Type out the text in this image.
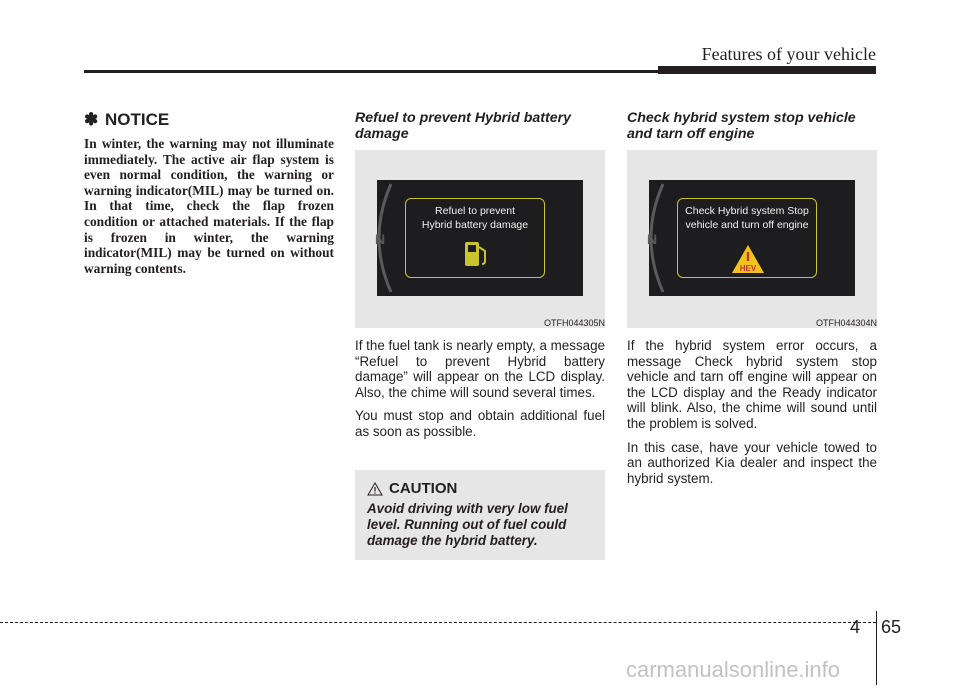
Features of your vehicle
✽ NOTICE
In winter, the warning may not illuminate immediately. The active air flap system is even normal condition, the warning or warning indicator(MIL) may be turned on. In that time, check the flap frozen condition or attached materials. If the flap is frozen in winter, the warning indicator(MIL) may be turned on without warning contents.
Refuel to prevent Hybrid battery damage
N
Refuel to prevent
Hybrid battery damage
OTFH044305N
If the fuel tank is nearly empty, a message “Refuel to prevent Hybrid battery damage” will appear on the LCD display. Also, the chime will sound several times.
You must stop and obtain additional fuel as soon as possible.
CAUTION
Avoid driving with very low fuel level. Running out of fuel could damage the hybrid battery.
Check hybrid system stop vehicle and tarn off engine
N
Check Hybrid system Stop
vehicle and turn off engine
HEV
OTFH044304N
If the hybrid system error occurs, a message Check hybrid system stop vehicle and tarn off engine will appear on the LCD display and the Ready indicator will blink. Also, the chime will sound until the problem is solved.
In this case, have your vehicle towed to an authorized Kia dealer and inspect the hybrid system.
4 65
carmanualsonline.info
